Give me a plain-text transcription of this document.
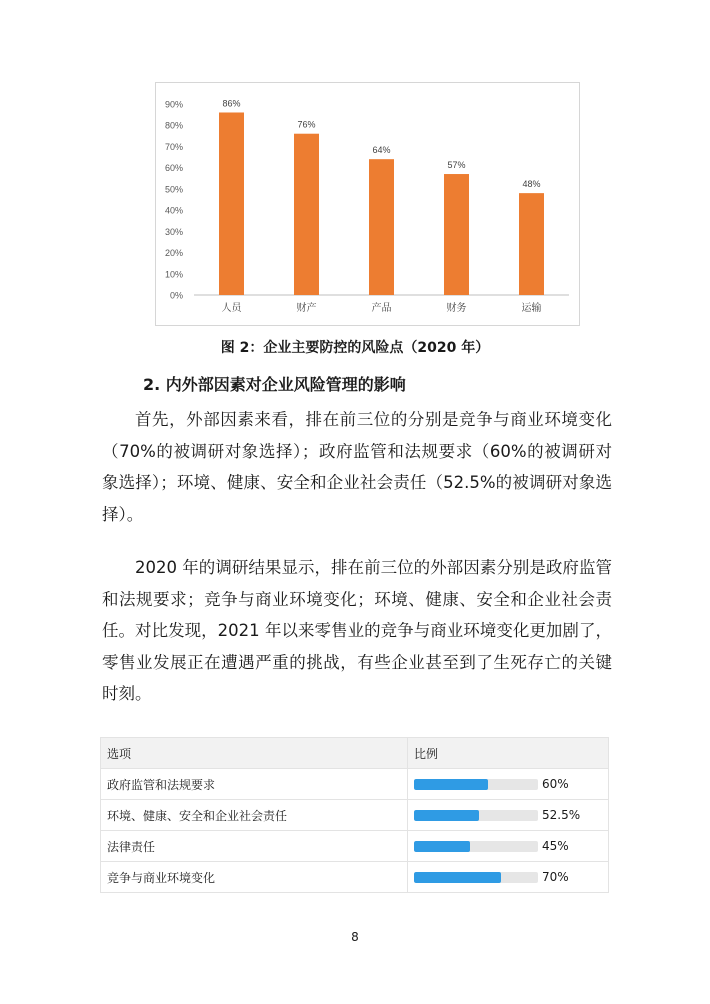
0%
10%
20%
30%
40%
50%
60%
70%
80%
90%	86%
人员
76%
财产
64%
产品
57%
财务
48%
运输
图 2：企业主要防控的风险点（2020 年）
2. 内外部因素对企业风险管理的影响
首先，外部因素来看，排在前三位的分别是竞争与商业环境变化（70%的被调研对象选择）；政府监管和法规要求（60%的被调研对象选择）；环境、健康、安全和企业社会责任（52.5%的被调研对象选择）。
2020 年的调研结果显示，排在前三位的外部因素分别是政府监管和法规要求；竞争与商业环境变化；环境、健康、安全和企业社会责任。对比发现，2021 年以来零售业的竞争与商业环境变化更加剧了，零售业发展正在遭遇严重的挑战，有些企业甚至到了生死存亡的关键时刻。
选项	比例
政府监管和法规要求	60%

环境、健康、安全和企业社会责任	52.5%

法律责任	45%

竞争与商业环境变化	70%
8
